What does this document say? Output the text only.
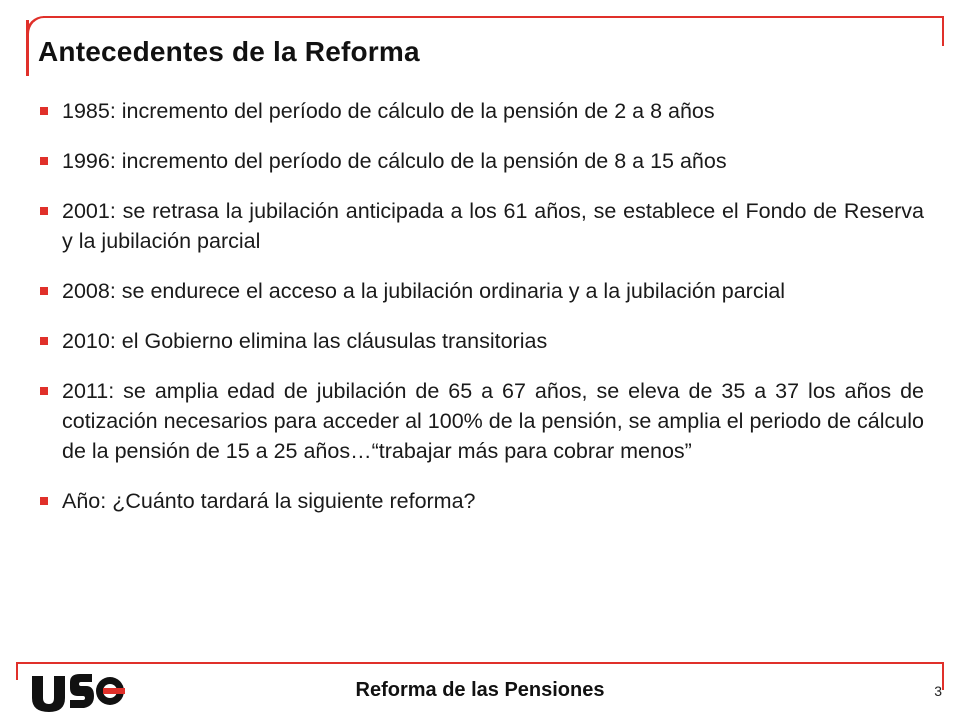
Antecedentes de la Reforma
1985: incremento del período de cálculo de la pensión de 2 a 8 años
1996: incremento del período de cálculo de la pensión de 8 a 15 años
2001: se retrasa la jubilación anticipada a los 61 años, se establece el Fondo de Reserva y la jubilación parcial
2008: se endurece el acceso a la jubilación ordinaria y a la jubilación parcial
2010: el Gobierno elimina las cláusulas transitorias
2011: se amplia edad de jubilación de 65 a 67 años, se eleva de 35 a 37 los años de cotización necesarios para acceder al 100% de la pensión, se amplia el periodo de cálculo de la pensión de 15 a 25 años…“trabajar más para cobrar menos”
Año: ¿Cuánto tardará la siguiente reforma?
Reforma de las Pensiones	3
